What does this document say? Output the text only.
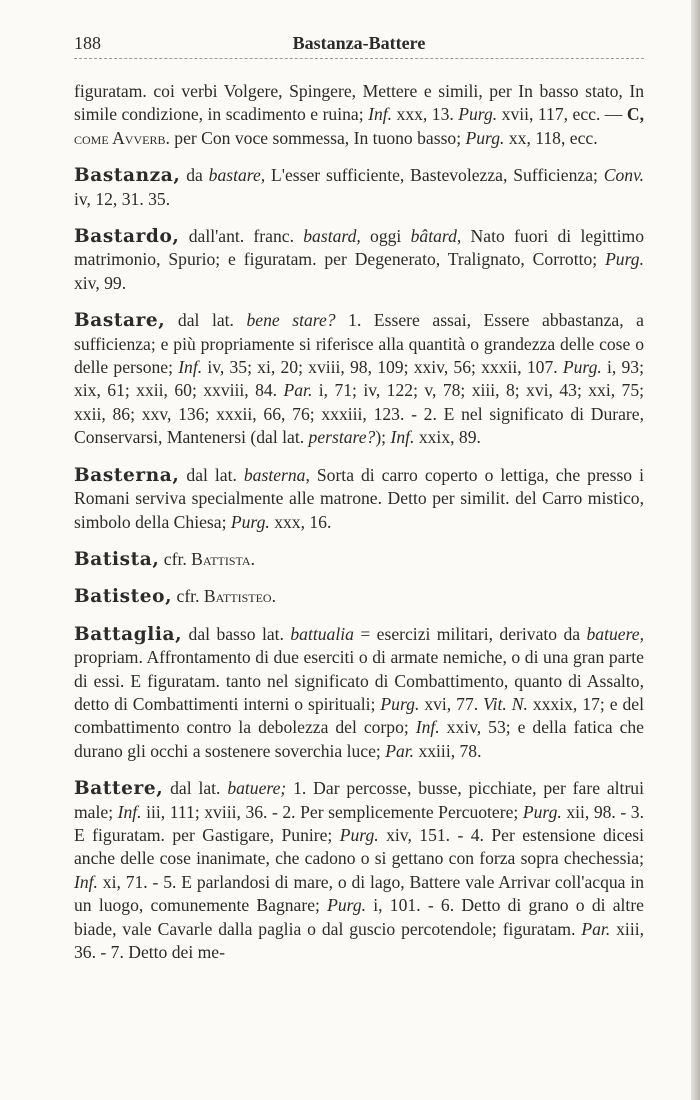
188	Bastanza-Battere

figuratam. coi verbi Volgere, Spingere, Mettere e simili, per In basso stato, In simile condizione, in scadimento e ruina; Inf. xxx, 13. Purg. xvii, 117, ecc. — C, come Avverb. per Con voce sommessa, In tuono basso; Purg. xx, 118, ecc.

Bastanza, da bastare, L'esser sufficiente, Bastevolezza, Sufficienza; Conv. iv, 12, 31. 35.

Bastardo, dall'ant. franc. bastard, oggi bâtard, Nato fuori di legittimo matrimonio, Spurio; e figuratam. per Degenerato, Tralignato, Corrotto; Purg. xiv, 99.

Bastare, dal lat. bene stare? 1. Essere assai, Essere abbastanza, a sufficienza; e più propriamente si riferisce alla quantità o grandezza delle cose o delle persone; Inf. iv, 35; xi, 20; xviii, 98, 109; xxiv, 56; xxxii, 107. Purg. i, 93; xix, 61; xxii, 60; xxviii, 84. Par. i, 71; iv, 122; v, 78; xiii, 8; xvi, 43; xxi, 75; xxii, 86; xxv, 136; xxxii, 66, 76; xxxiii, 123. - 2. E nel significato di Durare, Conservarsi, Mantenersi (dal lat. perstare?); Inf. xxix, 89.

Basterna, dal lat. basterna, Sorta di carro coperto o lettiga, che presso i Romani serviva specialmente alle matrone. Detto per similit. del Carro mistico, simbolo della Chiesa; Purg. xxx, 16.

Batista, cfr. Battista.

Batisteo, cfr. Battisteo.

Battaglia, dal basso lat. battualia = esercizi militari, derivato da batuere, propriam. Affrontamento di due eserciti o di armate nemiche, o di una gran parte di essi. E figuratam. tanto nel significato di Combattimento, quanto di Assalto, detto di Combattimenti interni o spirituali; Purg. xvi, 77. Vit. N. xxxix, 17; e del combattimento contro la debolezza del corpo; Inf. xxiv, 53; e della fatica che durano gli occhi a sostenere soverchia luce; Par. xxiii, 78.

Battere, dal lat. batuere; 1. Dar percosse, busse, picchiate, per fare altrui male; Inf. iii, 111; xviii, 36. - 2. Per semplicemente Percuotere; Purg. xii, 98. - 3. E figuratam. per Gastigare, Punire; Purg. xiv, 151. - 4. Per estensione dicesi anche delle cose inanimate, che cadono o si gettano con forza sopra chechessia; Inf. xi, 71. - 5. E parlandosi di mare, o di lago, Battere vale Arrivar coll'acqua in un luogo, comunemente Bagnare; Purg. i, 101. - 6. Detto di grano o di altre biade, vale Cavarle dalla paglia o dal guscio percotendole; figuratam. Par. xiii, 36. - 7. Detto dei me-
